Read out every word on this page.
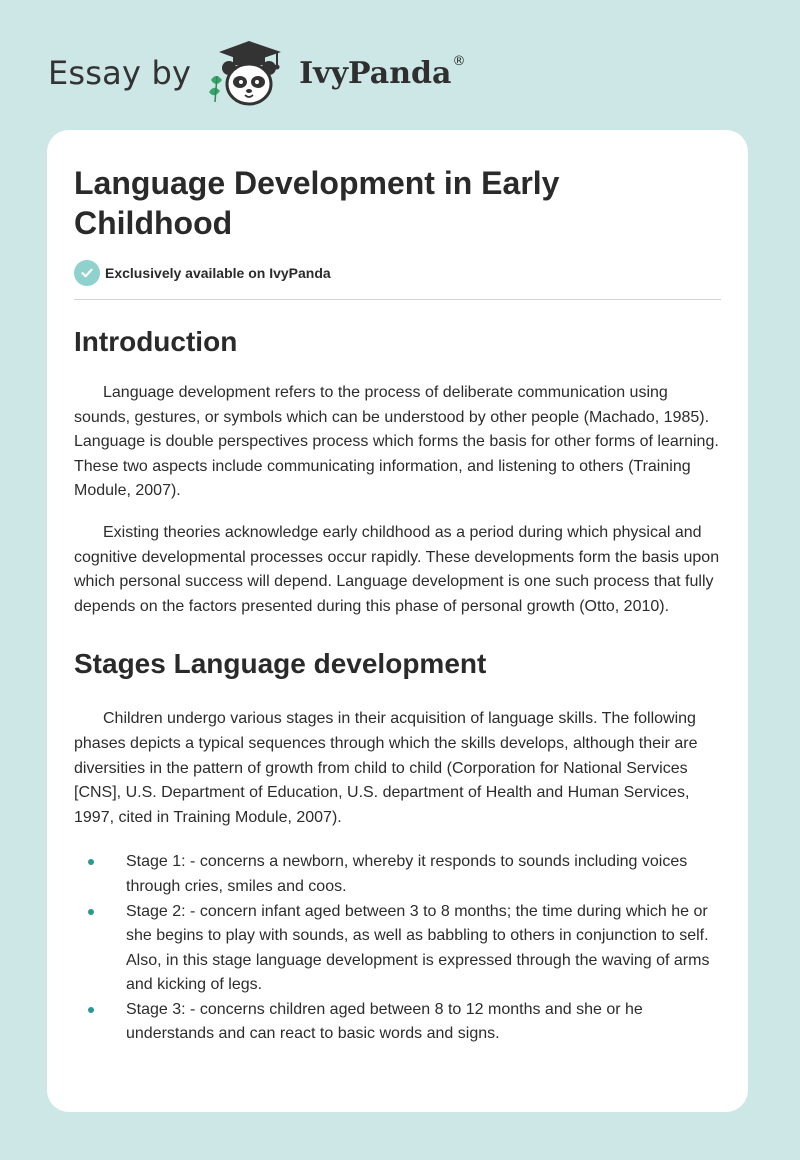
Essay by	IvyPanda ®
Language Development in Early Childhood
Exclusively available on IvyPanda
Introduction

Language development refers to the process of deliberate communication using sounds, gestures, or symbols which can be understood by other people (Machado, 1985). Language is double perspectives process which forms the basis for other forms of learning. These two aspects include communicating information, and listening to others (Training Module, 2007).

Existing theories acknowledge early childhood as a period during which physical and cognitive developmental processes occur rapidly. These developments form the basis upon which personal success will depend. Language development is one such process that fully depends on the factors presented during this phase of personal growth (Otto, 2010).

Stages Language development

Children undergo various stages in their acquisition of language skills. The following phases depicts a typical sequences through which the skills develops, although their are diversities in the pattern of growth from child to child (Corporation for National Services [CNS], U.S. Department of Education, U.S. department of Health and Human Services, 1997, cited in Training Module, 2007).

Stage 1: - concerns a newborn, whereby it responds to sounds including voices through cries, smiles and coos.
Stage 2: - concern infant aged between 3 to 8 months; the time during which he or she begins to play with sounds, as well as babbling to others in conjunction to self. Also, in this stage language development is expressed through the waving of arms and kicking of legs.
Stage 3: - concerns children aged between 8 to 12 months and she or he understands and can react to basic words and signs.
